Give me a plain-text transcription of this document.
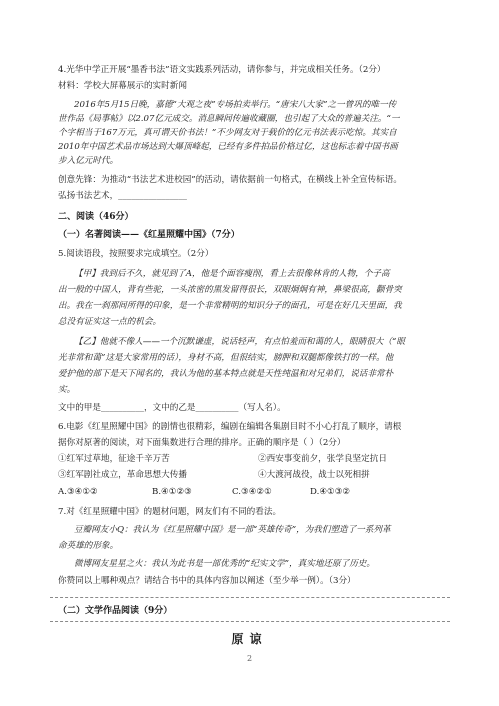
4.光华中学正开展“墨香书法”语文实践系列活动，请你参与，并完成相关任务。（2分）
材料：学校大屏幕展示的实时新闻
2016年5月15日晚，嘉德“大观之夜”专场拍卖举行。“唐宋八大家”之一曾巩的唯一传
世作品《局事帖》以2.07亿元成交。消息瞬间传遍收藏圈，也引起了大众的普遍关注。“一
个字相当于167万元，真可谓天价书法！”不少网友对于载价的亿元书法表示吃惊。其实自
2010年中国艺术品市场达到大爆顶峰起，已经有多件拍品价格过亿，这也标志着中国书画
步入亿元时代。
创意先锋：为推动“书法艺术进校园”的活动，请依据前一句格式，在横线上补全宣传标语。
弘扬书法艺术，________________
二、阅读（46分）
（一）名著阅读——《红星照耀中国》（7分）
5.阅读语段，按照要求完成填空。（2分）
【甲】我到后不久，就见到了A，他是个面容瘦削，看上去很像林肯的人物，个子高
出一般的中国人，背有些驼，一头浓密的黑发留得很长，双眼炯炯有神，鼻梁很高，颧骨突
出。我在一刹那间所得的印象，是一个非常精明的知识分子的面孔，可是在好几天里面，我
总没有证实这一点的机会。
【乙】他就不像人——一个沉默谦虚，说话轻声，有点怕羞而和蔼的人，眼睛很大（“眼
光非常和蔼”这是大家常用的话），身材不高，但很结实，膀胛和双腿都像铁打的一样。他
爱护他的部下是天下闻名的，我认为他的基本特点就是天性纯温和对兄弟们，说话非常朴
实。
文中的甲是__________，文中的乙是__________（写人名）。
6.电影《红星照耀中国》的剧情也很精彩，编剧在编辑各集剧目时不小心打乱了顺序，请根
据你对原著的阅读，对下面集数进行合理的排序。正确的顺序是（ ）（2分）
①红军过草地，征途千辛万苦	②西安事变前夕，张学良坚定抗日
③红军剧社成立，革命思想大传播	④大渡河战役，战士以死相拼
A.③④①②	B.④①②③	C.③④②①	D.④①③②
7.对《红星照耀中国》的题材问题，网友们有不同的看法。
豆瓣网友小Q：我认为《红星照耀中国》是一部“英雄传奇”，为我们塑造了一系列革
命英雄的形象。
微博网友星星之火：我认为此书是一部优秀的“纪实文学”，真实地还原了历史。
你赞同以上哪种观点？请结合书中的具体内容加以阐述（至少举一例）。（3分）
（二）文学作品阅读（9分）
原谅
2
